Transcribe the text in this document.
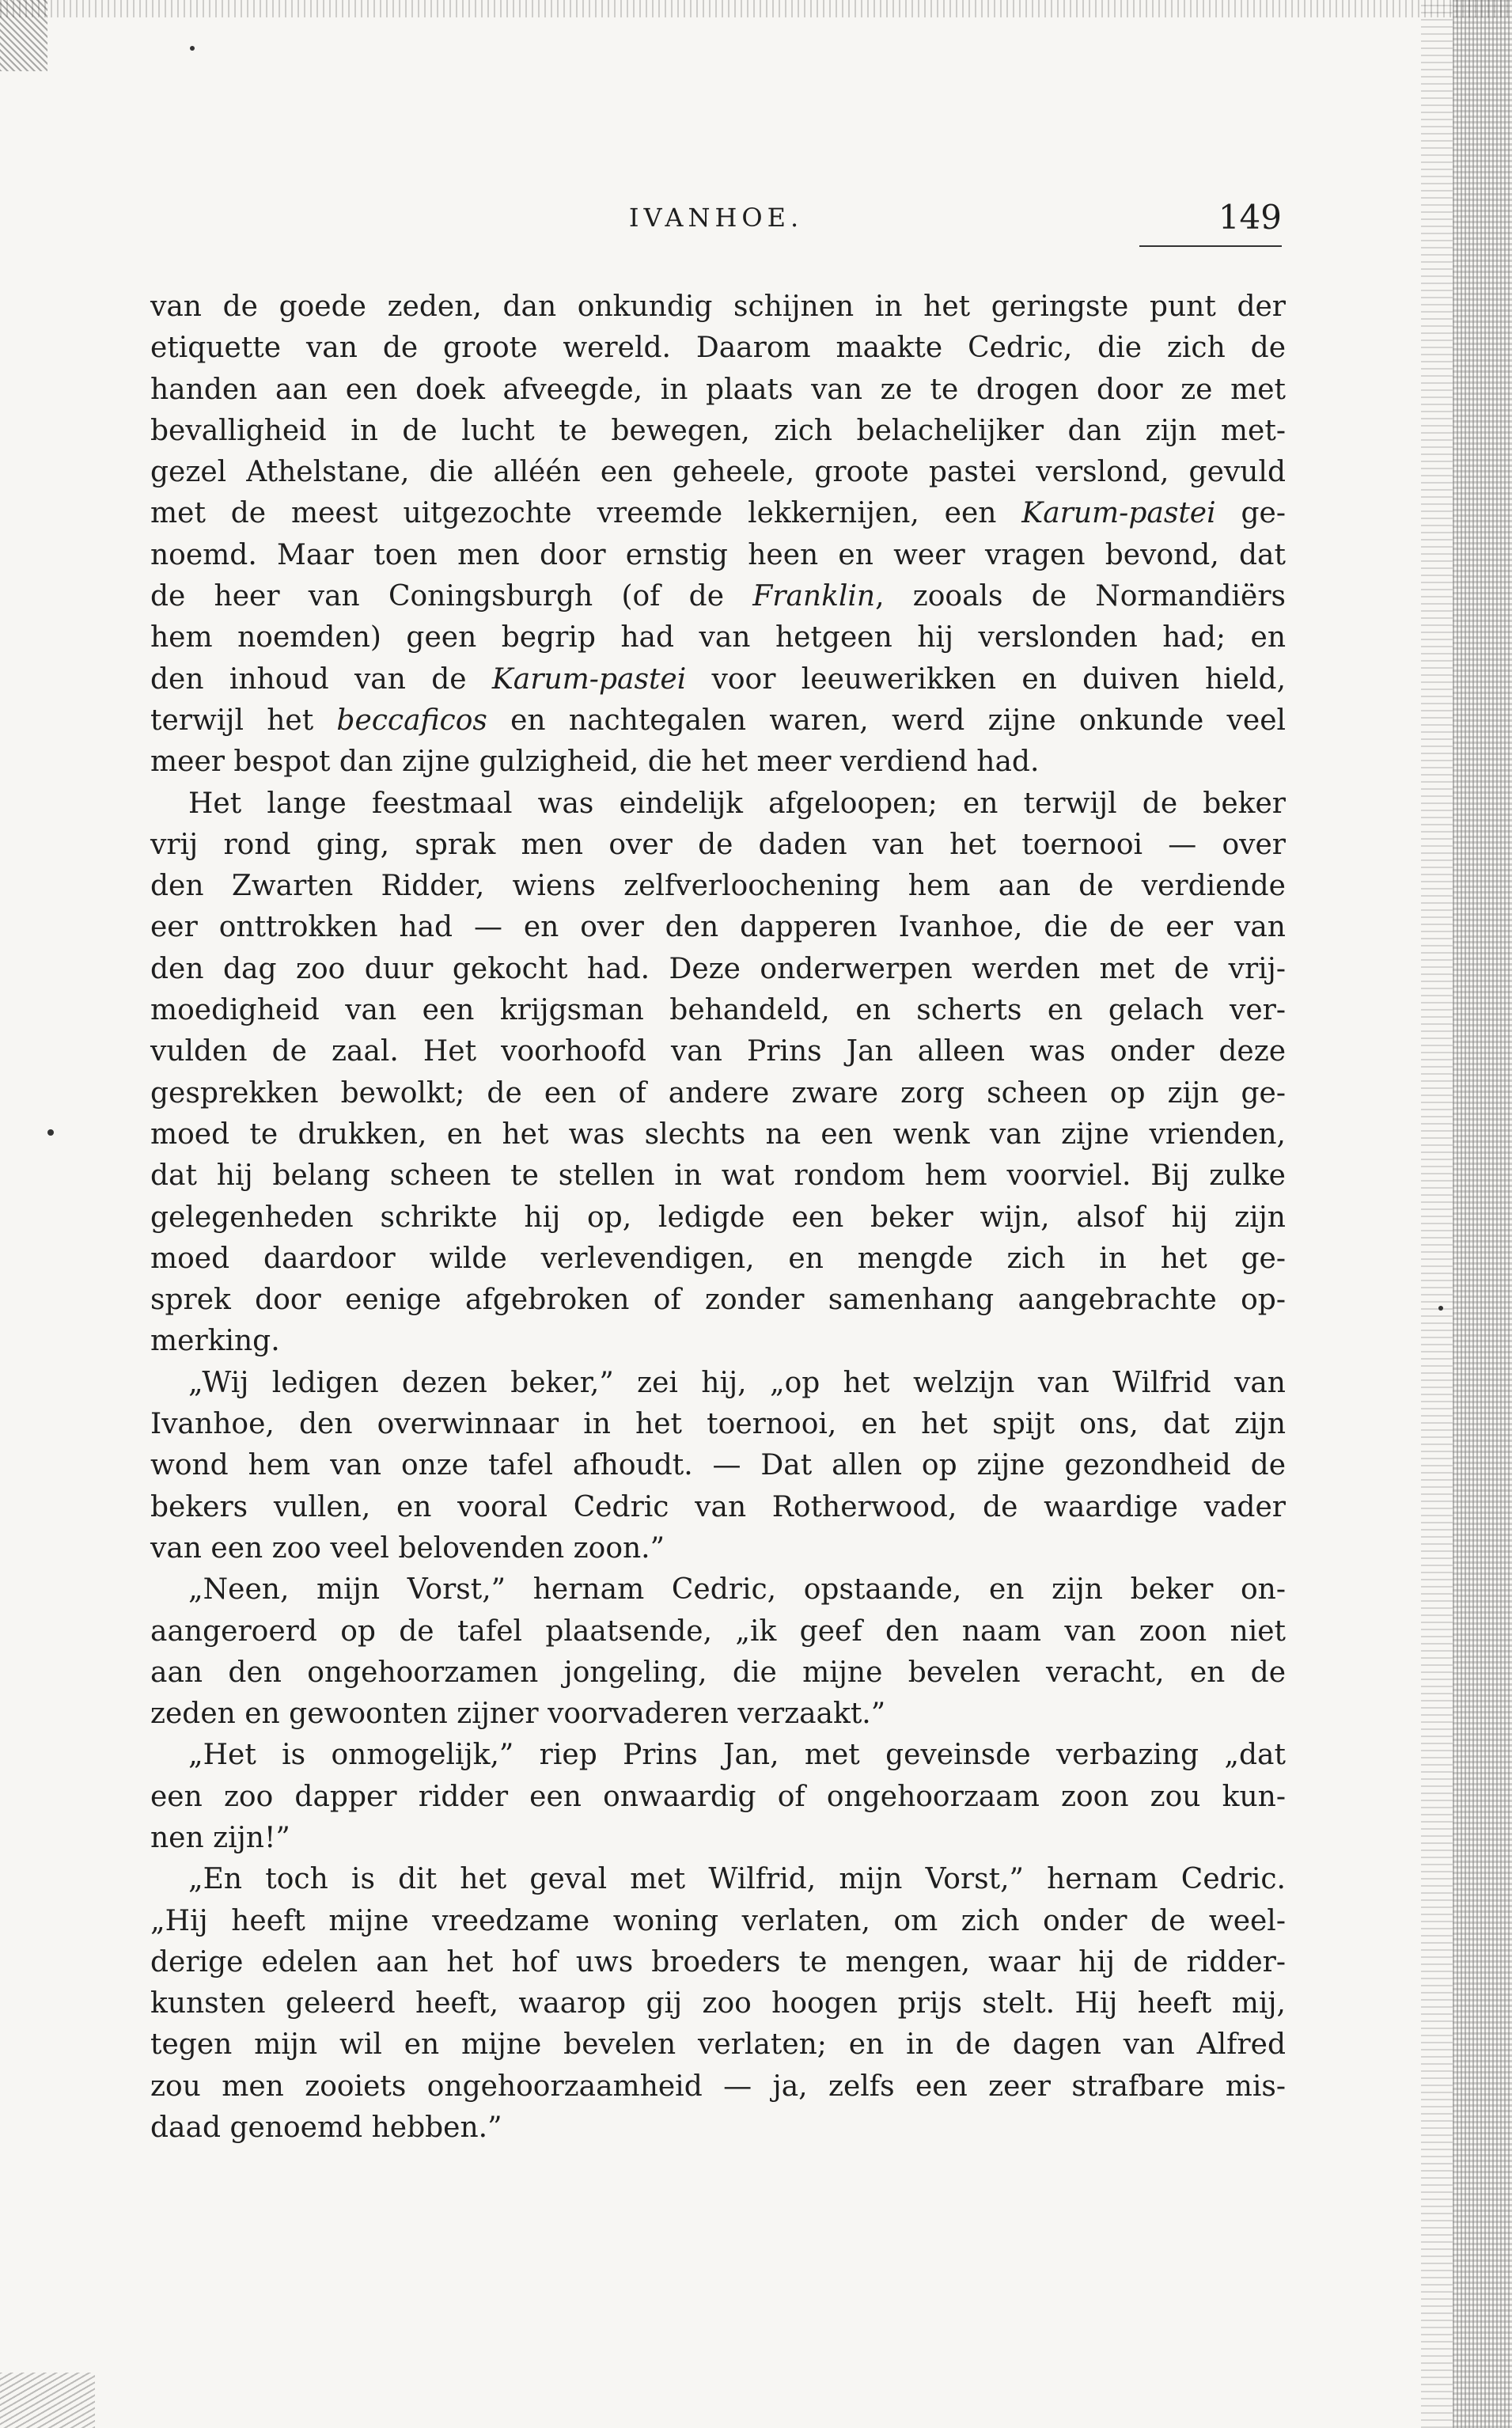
IVANHOE.	149
van de goede zeden, dan onkundig schijnen in het geringste punt der
etiquette van de groote wereld. Daarom maakte Cedric, die zich de
handen aan een doek afveegde, in plaats van ze te drogen door ze met
bevalligheid in de lucht te bewegen, zich belachelijker dan zijn met-
gezel Athelstane, die alléén een geheele, groote pastei verslond, gevuld
met de meest uitgezochte vreemde lekkernijen, een Karum-pastei ge-
noemd. Maar toen men door ernstig heen en weer vragen bevond, dat
de heer van Coningsburgh (of de Franklin, zooals de Normandiërs
hem noemden) geen begrip had van hetgeen hij verslonden had; en
den inhoud van de Karum-pastei voor leeuwerikken en duiven hield,
terwijl het beccaficos en nachtegalen waren, werd zijne onkunde veel
meer bespot dan zijne gulzigheid, die het meer verdiend had.
Het lange feestmaal was eindelijk afgeloopen; en terwijl de beker
vrij rond ging, sprak men over de daden van het toernooi — over
den Zwarten Ridder, wiens zelfverloochening hem aan de verdiende
eer onttrokken had — en over den dapperen Ivanhoe, die de eer van
den dag zoo duur gekocht had. Deze onderwerpen werden met de vrij-
moedigheid van een krijgsman behandeld, en scherts en gelach ver-
vulden de zaal. Het voorhoofd van Prins Jan alleen was onder deze
gesprekken bewolkt; de een of andere zware zorg scheen op zijn ge-
moed te drukken, en het was slechts na een wenk van zijne vrienden,
dat hij belang scheen te stellen in wat rondom hem voorviel. Bij zulke
gelegenheden schrikte hij op, ledigde een beker wijn, alsof hij zijn
moed daardoor wilde verlevendigen, en mengde zich in het ge-
sprek door eenige afgebroken of zonder samenhang aangebrachte op-
merking.
„Wij ledigen dezen beker,” zei hij, „op het welzijn van Wilfrid van
Ivanhoe, den overwinnaar in het toernooi, en het spijt ons, dat zijn
wond hem van onze tafel afhoudt. — Dat allen op zijne gezondheid de
bekers vullen, en vooral Cedric van Rotherwood, de waardige vader
van een zoo veel belovenden zoon.”
„Neen, mijn Vorst,” hernam Cedric, opstaande, en zijn beker on-
aangeroerd op de tafel plaatsende, „ik geef den naam van zoon niet
aan den ongehoorzamen jongeling, die mijne bevelen veracht, en de
zeden en gewoonten zijner voorvaderen verzaakt.”
„Het is onmogelijk,” riep Prins Jan, met geveinsde verbazing „dat
een zoo dapper ridder een onwaardig of ongehoorzaam zoon zou kun-
nen zijn!”
„En toch is dit het geval met Wilfrid, mijn Vorst,” hernam Cedric.
„Hij heeft mijne vreedzame woning verlaten, om zich onder de weel-
derige edelen aan het hof uws broeders te mengen, waar hij de ridder-
kunsten geleerd heeft, waarop gij zoo hoogen prijs stelt. Hij heeft mij,
tegen mijn wil en mijne bevelen verlaten; en in de dagen van Alfred
zou men zooiets ongehoorzaamheid — ja, zelfs een zeer strafbare mis-
daad genoemd hebben.”
